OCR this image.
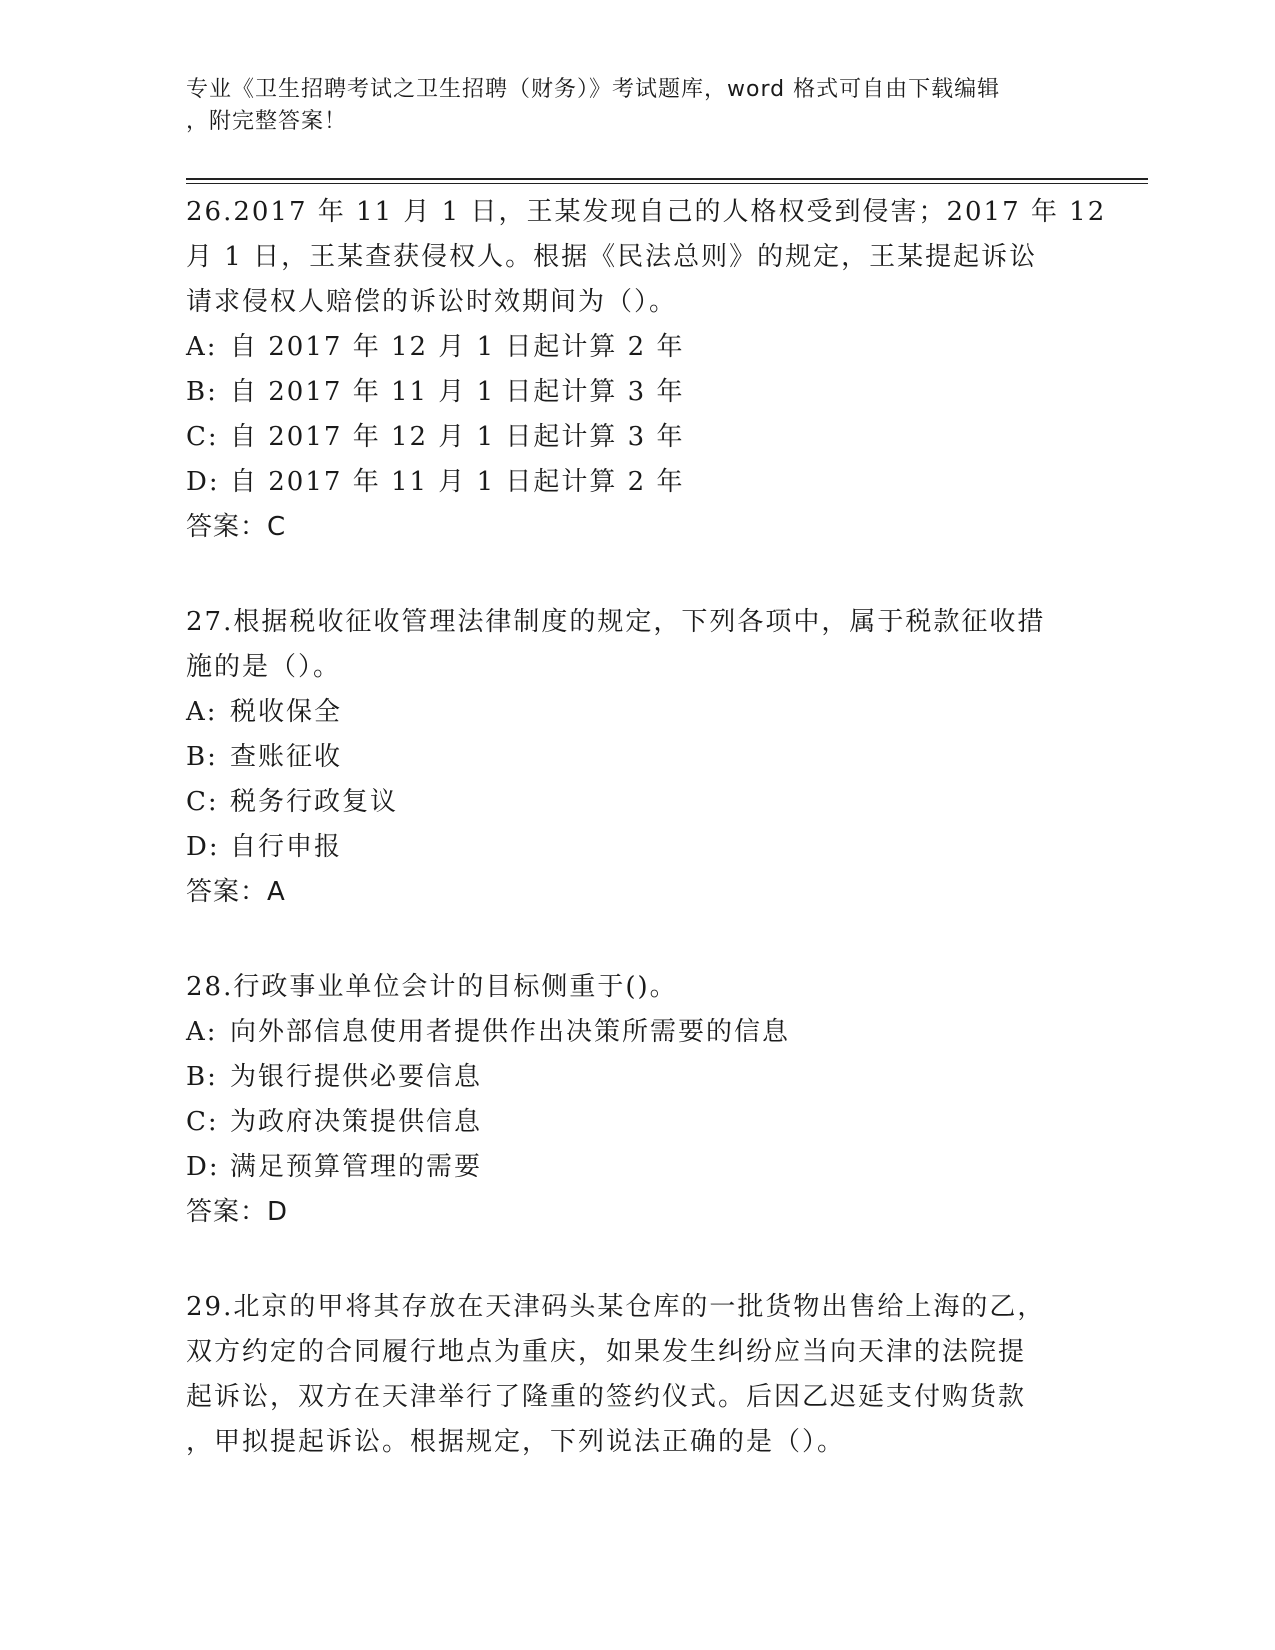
专业《卫生招聘考试之卫生招聘（财务）》考试题库，word 格式可自由下载编辑
，附完整答案！
26.2017 年 11 月 1 日，王某发现自己的人格权受到侵害；2017 年 12
月 1 日，王某查获侵权人。根据《民法总则》的规定，王某提起诉讼
请求侵权人赔偿的诉讼时效期间为（）。
A: 自 2017 年 12 月 1 日起计算 2 年
B: 自 2017 年 11 月 1 日起计算 3 年
C: 自 2017 年 12 月 1 日起计算 3 年
D: 自 2017 年 11 月 1 日起计算 2 年
答案：C
27.根据税收征收管理法律制度的规定，下列各项中，属于税款征收措
施的是（）。
A: 税收保全
B: 查账征收
C: 税务行政复议
D: 自行申报
答案：A
28.行政事业单位会计的目标侧重于()。
A: 向外部信息使用者提供作出决策所需要的信息
B: 为银行提供必要信息
C: 为政府决策提供信息
D: 满足预算管理的需要
答案：D
29.北京的甲将其存放在天津码头某仓库的一批货物出售给上海的乙，
双方约定的合同履行地点为重庆，如果发生纠纷应当向天津的法院提
起诉讼，双方在天津举行了隆重的签约仪式。后因乙迟延支付购货款
，甲拟提起诉讼。根据规定，下列说法正确的是（）。
